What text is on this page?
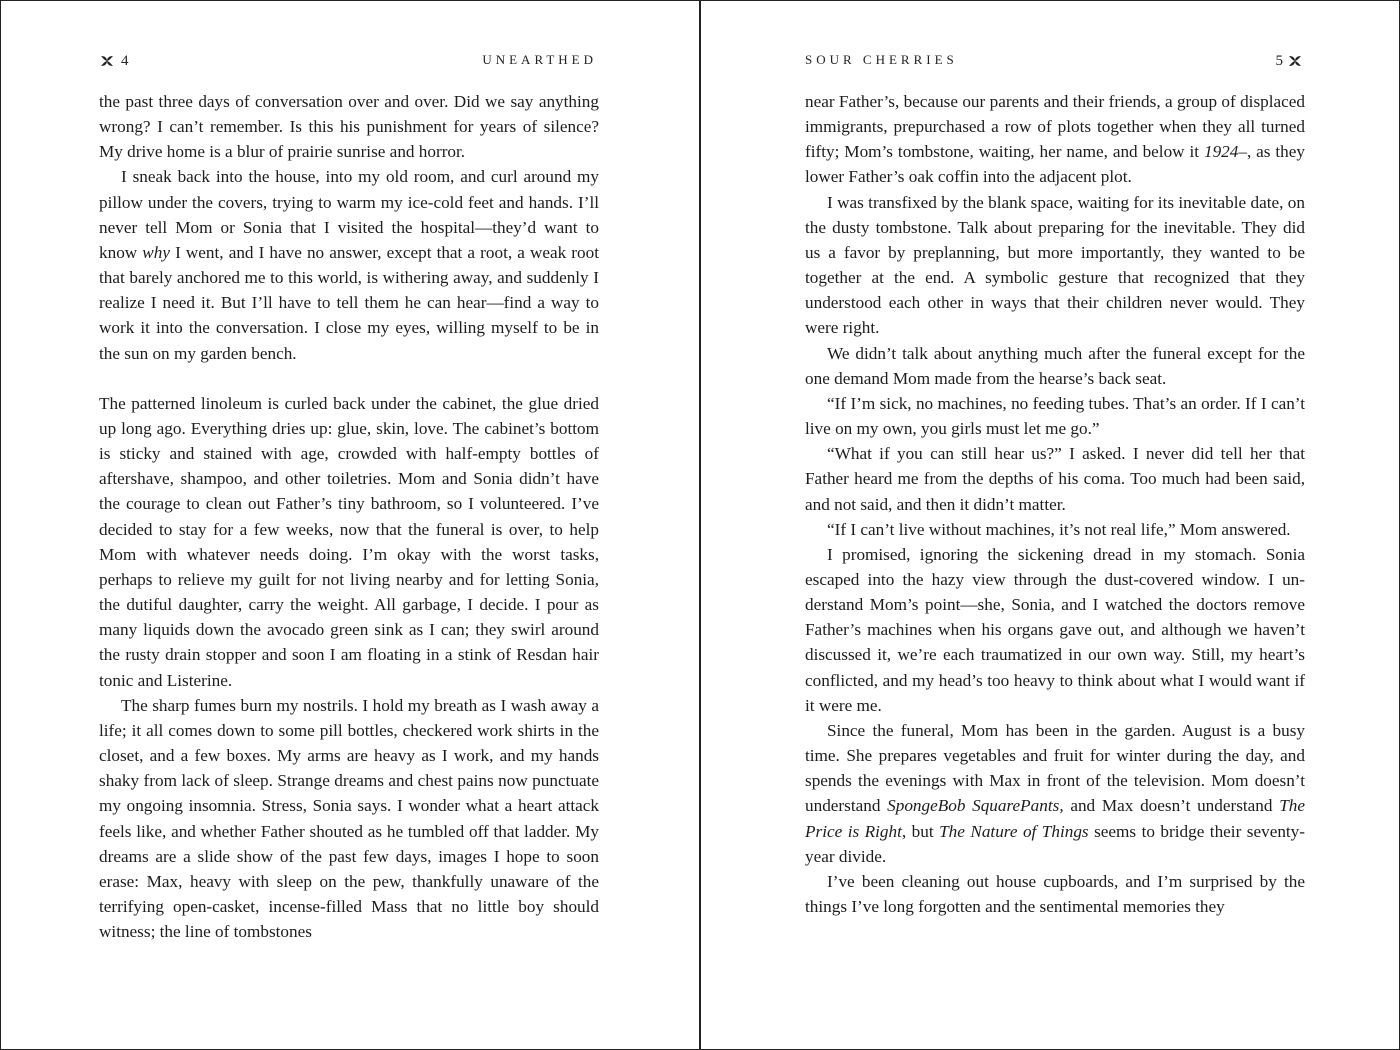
4	UNEARTHED

the past three days of conversation over and over. Did we say anything wrong? I can’t remember. Is this his punishment for years of silence? My drive home is a blur of prairie sunrise and horror.

I sneak back into the house, into my old room, and curl around my pillow under the covers, trying to warm my ice-cold feet and hands. I’ll never tell Mom or Sonia that I visited the hospital—they’d want to know why I went, and I have no answer, except that a root, a weak root that barely anchored me to this world, is withering away, and suddenly I realize I need it. But I’ll have to tell them he can hear—find a way to work it into the conversation. I close my eyes, willing myself to be in the sun on my garden bench.

The patterned linoleum is curled back under the cabinet, the glue dried up long ago. Everything dries up: glue, skin, love. The cabinet’s bottom is sticky and stained with age, crowded with half-empty bottles of aftershave, shampoo, and other toiletries. Mom and Sonia didn’t have the courage to clean out Father’s tiny bathroom, so I volunteered. I’ve decided to stay for a few weeks, now that the funeral is over, to help Mom with whatever needs doing. I’m okay with the worst tasks, perhaps to relieve my guilt for not living nearby and for letting Sonia, the dutiful daughter, carry the weight. All garbage, I decide. I pour as many liquids down the avocado green sink as I can; they swirl around the rusty drain stopper and soon I am floating in a stink of Resdan hair tonic and Listerine.

The sharp fumes burn my nostrils. I hold my breath as I wash away a life; it all comes down to some pill bottles, checkered work shirts in the closet, and a few boxes. My arms are heavy as I work, and my hands shaky from lack of sleep. Strange dreams and chest pains now punctuate my ongoing insomnia. Stress, Sonia says. I wonder what a heart attack feels like, and whether Father shouted as he tumbled off that ladder. My dreams are a slide show of the past few days, images I hope to soon erase: Max, heavy with sleep on the pew, thankfully unaware of the terrifying open-casket, incense-filled Mass that no little boy should witness; the line of tombstones

SOUR CHERRIES	5

near Father’s, because our parents and their friends, a group of displaced immigrants, prepurchased a row of plots together when they all turned fifty; Mom’s tombstone, waiting, her name, and below it 1924–, as they lower Father’s oak coffin into the adjacent plot.

I was transfixed by the blank space, waiting for its inevitable date, on the dusty tombstone. Talk about preparing for the inevitable. They did us a favor by preplanning, but more importantly, they wanted to be together at the end. A symbolic gesture that recognized that they understood each other in ways that their children never would. They were right.

We didn’t talk about anything much after the funeral except for the one demand Mom made from the hearse’s back seat.

“If I’m sick, no machines, no feeding tubes. That’s an order. If I can’t live on my own, you girls must let me go.”

“What if you can still hear us?” I asked. I never did tell her that Father heard me from the depths of his coma. Too much had been said, and not said, and then it didn’t matter.

“If I can’t live without machines, it’s not real life,” Mom answered.

I promised, ignoring the sickening dread in my stomach. Sonia escaped into the hazy view through the dust-covered window. I understand Mom’s point—she, Sonia, and I watched the doctors remove Father’s machines when his organs gave out, and although we haven’t discussed it, we’re each traumatized in our own way. Still, my heart’s conflicted, and my head’s too heavy to think about what I would want if it were me.

Since the funeral, Mom has been in the garden. August is a busy time. She prepares vegetables and fruit for winter during the day, and spends the evenings with Max in front of the television. Mom doesn’t understand SpongeBob SquarePants, and Max doesn’t understand The Price is Right, but The Nature of Things seems to bridge their seventy-year divide.

I’ve been cleaning out house cupboards, and I’m surprised by the things I’ve long forgotten and the sentimental memories they
